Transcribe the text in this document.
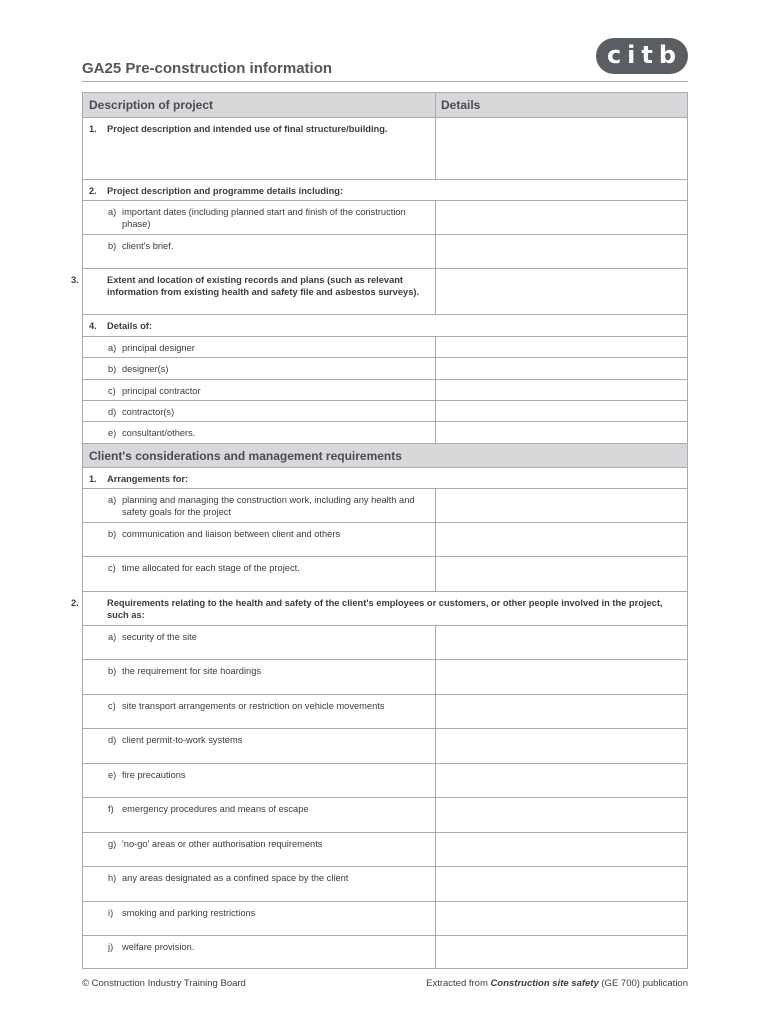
GA25 Pre-construction information	citb
Description of project	Details
1. Project description and intended use of final structure/building.
2. Project description and programme details including:
a) important dates (including planned start and finish of the construction phase)
b) client's brief.
3.	Extent and location of existing records and plans (such as relevant information from existing health and safety file and asbestos surveys).
4. Details of:
a) principal designer
b) designer(s)
c) principal contractor
d) contractor(s)
e) consultant/others.
Client's considerations and management requirements
1. Arrangements for:
a) planning and managing the construction work, including any health and safety goals for the project
b) communication and liaison between client and others
c) time allocated for each stage of the project.
2.	Requirements relating to the health and safety of the client's employees or customers, or other people involved in the project, such as:
a) security of the site
b) the requirement for site hoardings
c) site transport arrangements or restriction on vehicle movements
d) client permit-to-work systems
e) fire precautions
f) emergency procedures and means of escape
g) 'no-go' areas or other authorisation requirements
h) any areas designated as a confined space by the client
i) smoking and parking restrictions
j) welfare provision.
© Construction Industry Training Board	Extracted from Construction site safety (GE 700) publication
